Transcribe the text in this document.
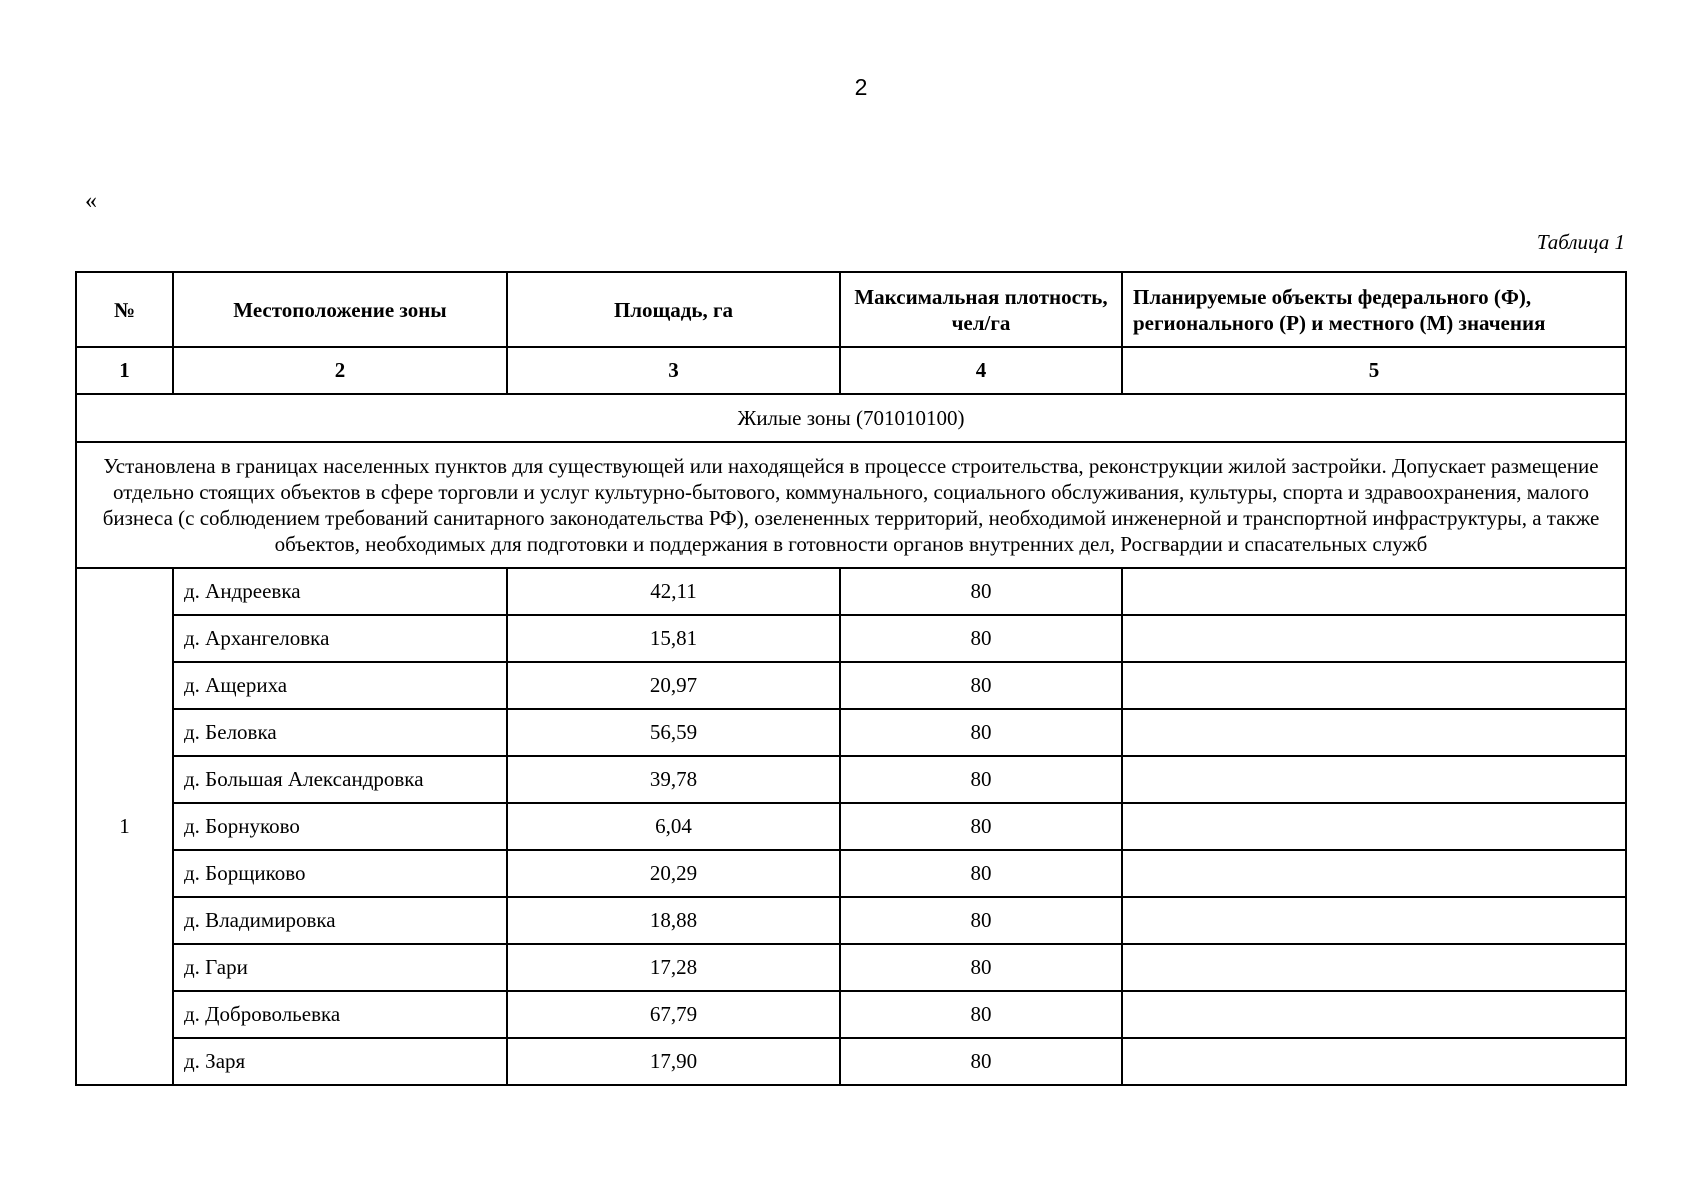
2
«
Таблица 1
№	Местоположение зоны	Площадь, га	Максимальная плотность, чел/га	Планируемые объекты федерального (Ф), регионального (Р) и местного (М) значения
1	2	3	4	5
Жилые зоны (701010100)				
Установлена в границах населенных пунктов для существующей или находящейся в процессе строительства, реконструкции жилой застройки. Допускает размещение отдельно стоящих объектов в сфере торговли и услуг культурно-бытового, коммунального, социального обслуживания, культуры, спорта и здравоохранения, малого бизнеса (с соблюдением требований санитарного законодательства РФ), озелененных территорий, необходимой инженерной и транспортной инфраструктуры, а также объектов, необходимых для подготовки и поддержания в готовности органов внутренних дел, Росгвардии и спасательных служб				
1	д. Андреевка	42,11	80	
	д. Архангеловка	15,81	80	
	д. Ащериха	20,97	80	
	д. Беловка	56,59	80	
	д. Большая Александровка	39,78	80	
	д. Борнуково	6,04	80	
	д. Борщиково	20,29	80	
	д. Владимировка	18,88	80	
	д. Гари	17,28	80	
	д. Добровольевка	67,79	80	
	д. Заря	17,90	80	
